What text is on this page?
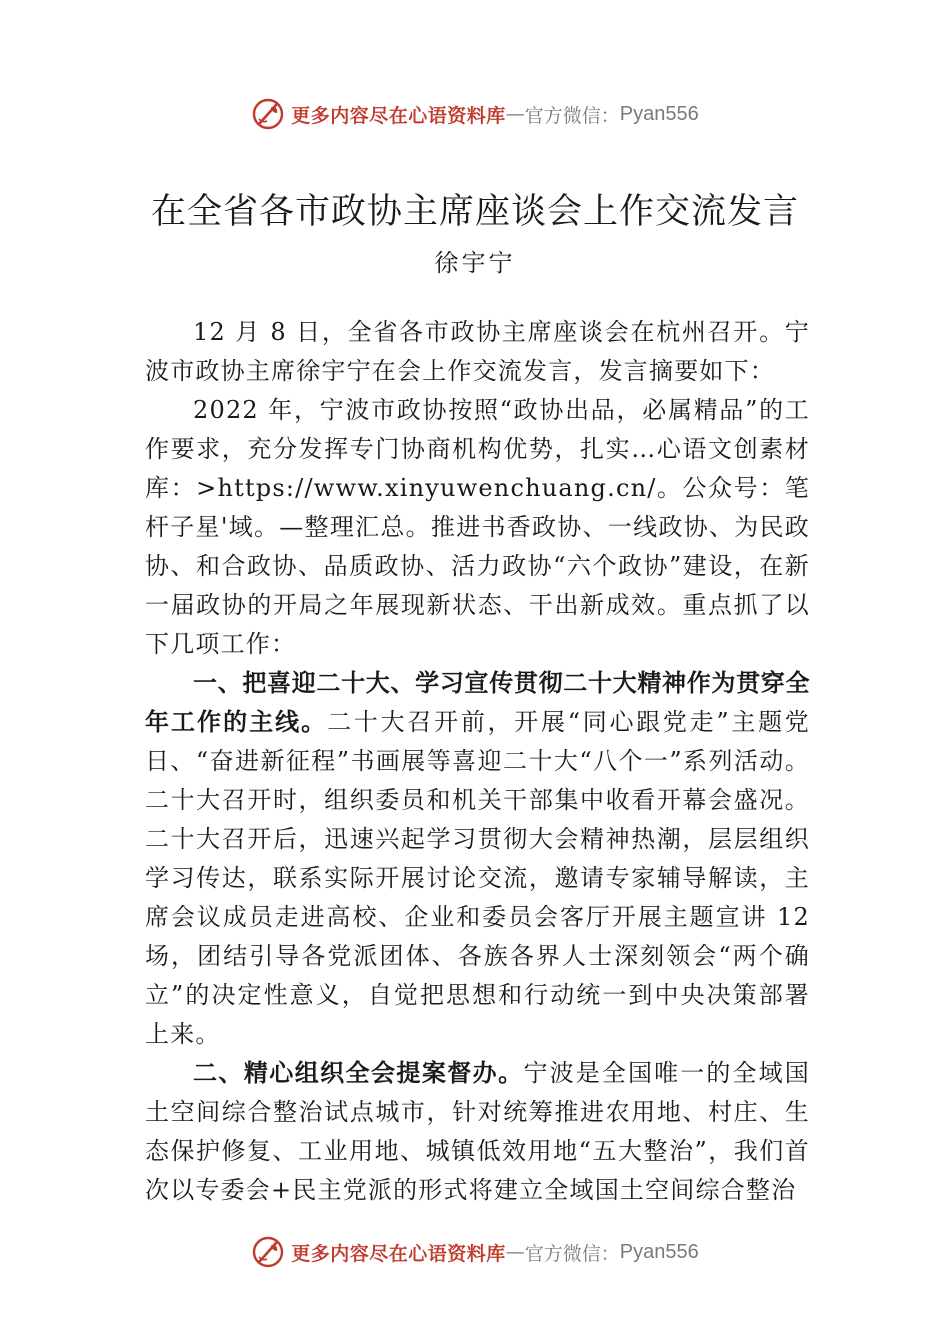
更多内容尽在心语资料库 — 官方微信： Pyan556
在全省各市政协主席座谈会上作交流发言
徐宇宁

12 月 8 日，全省各市政协主席座谈会在杭州召开。宁波市政协主席徐宇宁在会上作交流发言，发言摘要如下：

2022 年，宁波市政协按照“政协出品，必属精品”的工作要求，充分发挥专门协商机构优势，扎实…心语文创素材库：>https://www.xinyuwenchuang.cn/。公众号：笔杆子星'域。—整理汇总。推进书香政协、一线政协、为民政协、和合政协、品质政协、活力政协“六个政协”建设，在新一届政协的开局之年展现新状态、干出新成效。重点抓了以下几项工作：

一、把喜迎二十大、学习宣传贯彻二十大精神作为贯穿全年工作的主线。二十大召开前，开展“同心跟党走”主题党日、“奋进新征程”书画展等喜迎二十大“八个一”系列活动。二十大召开时，组织委员和机关干部集中收看开幕会盛况。二十大召开后，迅速兴起学习贯彻大会精神热潮，层层组织学习传达，联系实际开展讨论交流，邀请专家辅导解读，主席会议成员走进高校、企业和委员会客厅开展主题宣讲 12 场，团结引导各党派团体、各族各界人士深刻领会“两个确立”的决定性意义，自觉把思想和行动统一到中央决策部署上来。

二、精心组织全会提案督办。宁波是全国唯一的全域国土空间综合整治试点城市，针对统筹推进农用地、村庄、生态保护修复、工业用地、城镇低效用地“五大整治”，我们首次以专委会+民主党派的形式将建立全域国土空间综合整治

更多内容尽在心语资料库 — 官方微信： Pyan556
